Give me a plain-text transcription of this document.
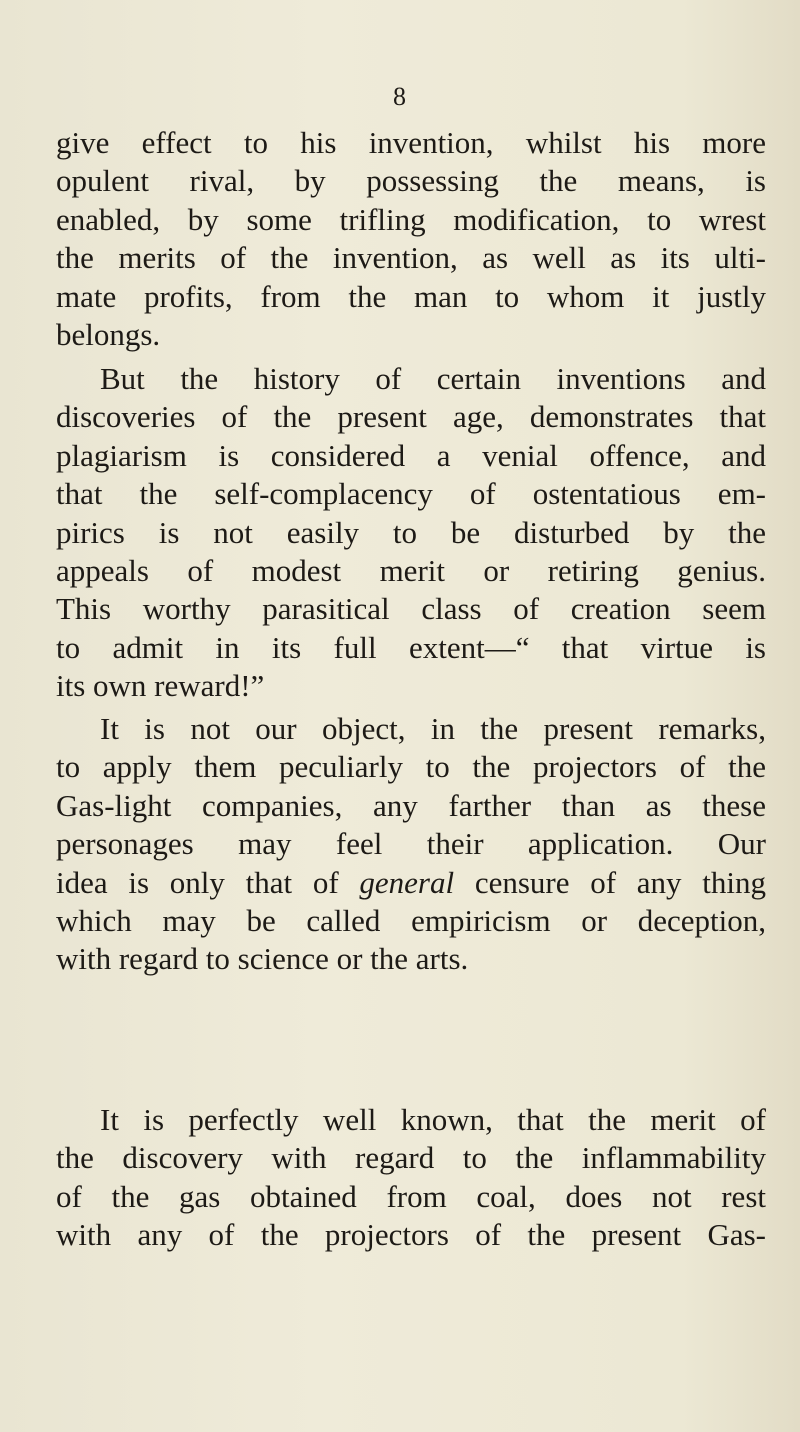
8
give effect to his invention, whilst his more
opulent rival, by possessing the means, is
enabled, by some trifling modification, to wrest
the merits of the invention, as well as its ulti-
mate profits, from the man to whom it justly
belongs.
But the history of certain inventions and
discoveries of the present age, demonstrates that
plagiarism is considered a venial offence, and
that the self-complacency of ostentatious em-
pirics is not easily to be disturbed by the
appeals of modest merit or retiring genius.
This worthy parasitical class of creation seem
to admit in its full extent—“ that virtue is
its own reward!”
It is not our object, in the present remarks,
to apply them peculiarly to the projectors of the
Gas-light companies, any farther than as these
personages may feel their application. Our
idea is only that of general censure of any thing
which may be called empiricism or deception,
with regard to science or the arts.
It is perfectly well known, that the merit of
the discovery with regard to the inflammability
of the gas obtained from coal, does not rest
with any of the projectors of the present Gas-
